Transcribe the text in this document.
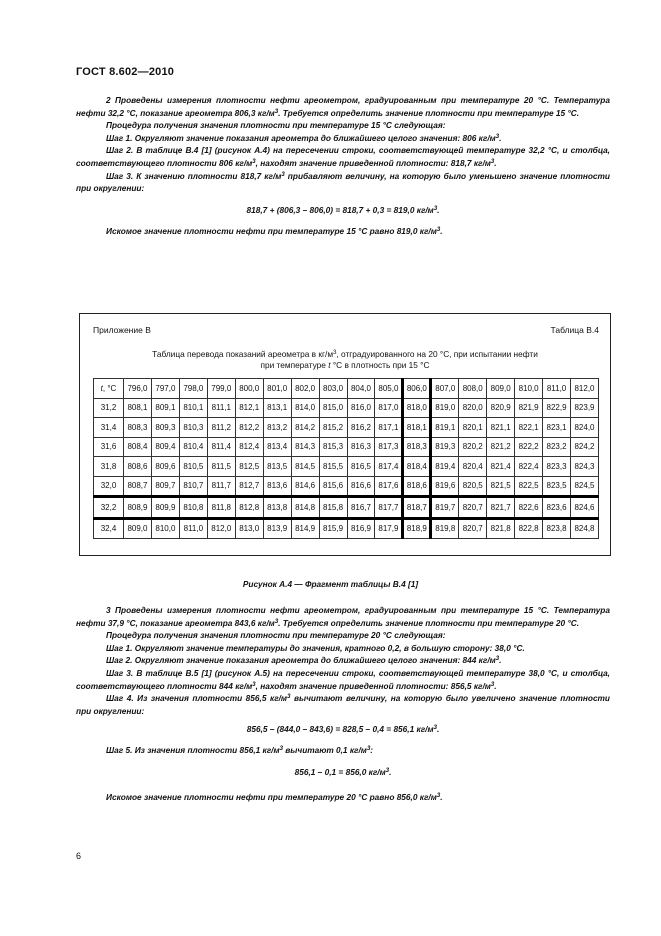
ГОСТ 8.602—2010

2 Проведены измерения плотности нефти ареометром, градуированным при температуре 20 °С. Температура нефти 32,2 °С, показание ареометра 806,3 $кг/м^3$. Требуется определить значение плотности при температуре 15 °С.

Процедура получения значения плотности при температуре 15 °С следующая:

Шаг 1. Округляют значение показания ареометра до ближайшего целого значения: 806 $кг/м^3$.

Шаг 2. В таблице В.4 [1] (рисунок А.4) на пересечении строки, соответствующей температуре 32,2 °С, и столбца, соответствующего плотности 806 $кг/м^3$, находят значение приведенной плотности: 818,7 $кг/м^3$.

Шаг 3. К значению плотности 818,7 $кг/м^3$ прибавляют величину, на которую было уменьшено значение плотности при округлении:

818,7 + (806,3 – 806,0) = 818,7 + 0,3 = 819,0 $кг/м^3$.

Искомое значение плотности нефти при температуре 15 °С равно 819,0 $кг/м^3$.

Приложение В	Таблица В.4
Таблица перевода показаний ареометра в $кг/м^3$, отградуированного на 20 °С, при испытании нефти
при температуре t °С в плотность при 15 °С
t, °С	796,0	797,0	798,0	799,0	800,0	801,0	802,0	803,0	804,0	805,0	806,0	807,0	808,0	809,0	810,0	811,0	812,0
31,2	808,1	809,1	810,1	811,1	812,1	813,1	814,0	815,0	816,0	817,0	818,0	819,0	820,0	820,9	821,9	822,9	823,9
31,4	808,3	809,3	810,3	811,2	812,2	813,2	814,2	815,2	816,2	817,1	818,1	819,1	820,1	821,1	822,1	823,1	824,0
31,6	808,4	809,4	810,4	811,4	812,4	813,4	814,3	815,3	816,3	817,3	818,3	819,3	820,2	821,2	822,2	823,2	824,2
31,8	808,6	809,6	810,5	811,5	812,5	813,5	814,5	815,5	816,5	817,4	818,4	819,4	820,4	821,4	822,4	823,3	824,3
32,0	808,7	809,7	810,7	811,7	812,7	813,6	814,6	815,6	816,6	817,6	818,6	819,6	820,5	821,5	822,5	823,5	824,5
32,2	808,9	809,9	810,8	811,8	812,8	813,8	814,8	815,8	816,7	817,7	818,7	819,7	820,7	821,7	822,6	823,6	824,6
32,4	809,0	810,0	811,0	812,0	813,0	813,9	814,9	815,9	816,9	817,9	818,9	819,8	820,7	821,8	822,8	823,8	824,8
Рисунок А.4 — Фрагмент таблицы В.4 [1]

3 Проведены измерения плотности нефти ареометром, градуированным при температуре 15 °С. Температура нефти 37,9 °С, показание ареометра 843,6 $кг/м^3$. Требуется определить значение плотности при температуре 20 °С.

Процедура получения значения плотности при температуре 20 °С следующая:

Шаг 1. Округляют значение температуры до значения, кратного 0,2, в большую сторону: 38,0 °С.

Шаг 2. Округляют значение показания ареометра до ближайшего целого значения: 844 $кг/м^3$.

Шаг 3. В таблице В.5 [1] (рисунок А.5) на пересечении строки, соответствующей температуре 38,0 °С, и столбца, соответствующего плотности 844 $кг/м^3$, находят значение приведенной плотности: 856,5 $кг/м^3$.

Шаг 4. Из значения плотности 856,5 $кг/м^3$ вычитают величину, на которую было увеличено значение плотности при округлении:

856,5 – (844,0 – 843,6) = 828,5 – 0,4 = 856,1 $кг/м^3$.

Шаг 5. Из значения плотности 856,1 $кг/м^3$ вычитают 0,1 $кг/м^3$:

856,1 – 0,1 = 856,0 $кг/м^3$.

Искомое значение плотности нефти при температуре 20 °С равно 856,0 $кг/м^3$.

6
